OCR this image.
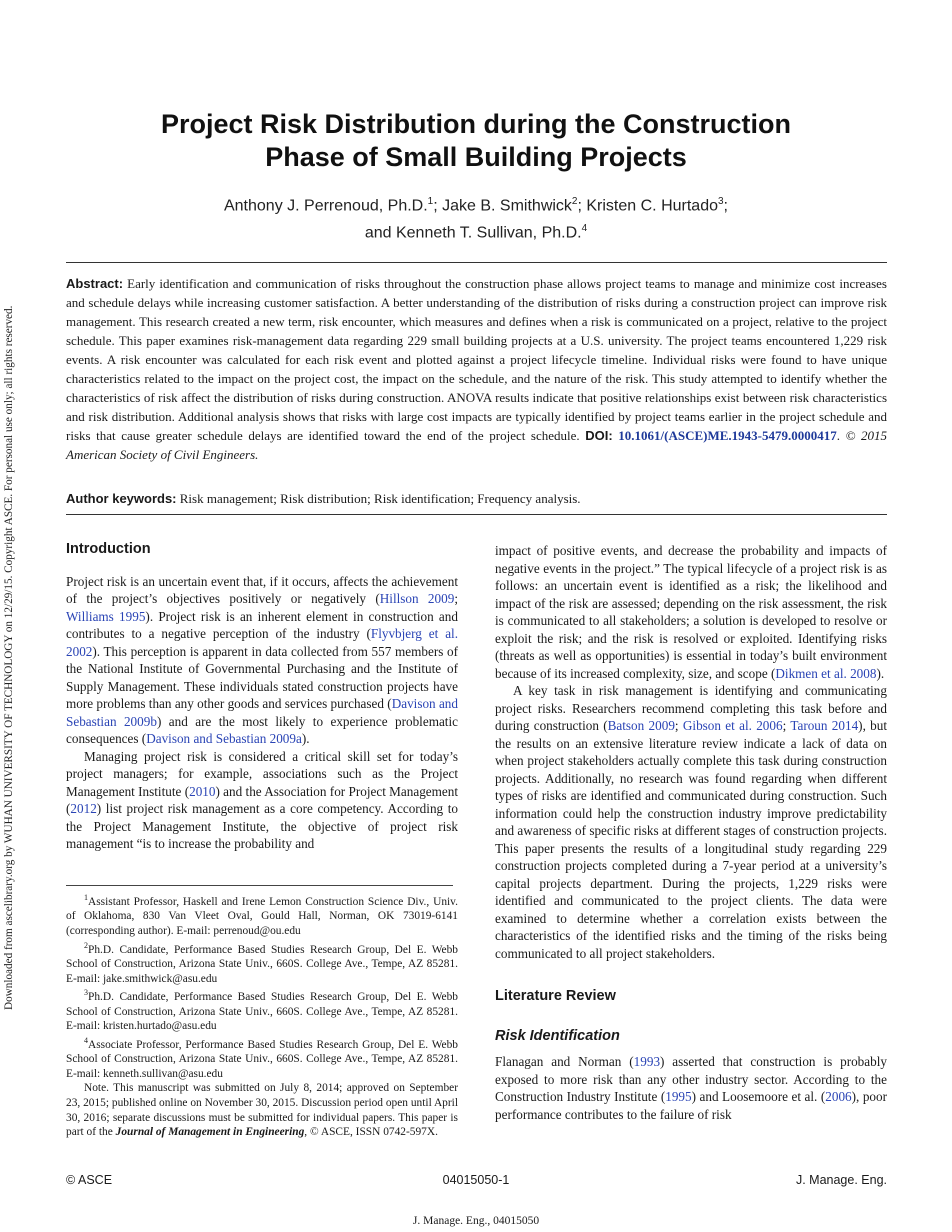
Downloaded from ascelibrary.org by WUHAN UNIVERSITY OF TECHNOLOGY on 12/29/15. Copyright ASCE. For personal use only; all rights reserved.
Project Risk Distribution during the Construction
Phase of Small Building Projects
Anthony J. Perrenoud, Ph.D.$^1$; Jake B. Smithwick$^2$; Kristen C. Hurtado$^3$;
and Kenneth T. Sullivan, Ph.D.$^4$
Abstract: Early identification and communication of risks throughout the construction phase allows project teams to manage and minimize cost increases and schedule delays while increasing customer satisfaction. A better understanding of the distribution of risks during a construction project can improve risk management. This research created a new term, risk encounter, which measures and defines when a risk is communicated on a project, relative to the project schedule. This paper examines risk-management data regarding 229 small building projects at a U.S. university. The project teams encountered 1,229 risk events. A risk encounter was calculated for each risk event and plotted against a project lifecycle timeline. Individual risks were found to have unique characteristics related to the impact on the project cost, the impact on the schedule, and the nature of the risk. This study attempted to identify whether the characteristics of risk affect the distribution of risks during construction. ANOVA results indicate that positive relationships exist between risk characteristics and risk distribution. Additional analysis shows that risks with large cost impacts are typically identified by project teams earlier in the project schedule and risks that cause greater schedule delays are identified toward the end of the project schedule. DOI: 10.1061/(ASCE)ME.1943-5479.0000417. © 2015 American Society of Civil Engineers.
Author keywords: Risk management; Risk distribution; Risk identification; Frequency analysis.
Introduction

Project risk is an uncertain event that, if it occurs, affects the achievement of the project’s objectives positively or negatively (Hillson 2009; Williams 1995). Project risk is an inherent element in construction and contributes to a negative perception of the industry (Flyvbjerg et al. 2002). This perception is apparent in data collected from 557 members of the National Institute of Governmental Purchasing and the Institute of Supply Management. These individuals stated construction projects have more problems than any other goods and services purchased (Davison and Sebastian 2009b) and are the most likely to experience problematic consequences (Davison and Sebastian 2009a).

Managing project risk is considered a critical skill set for today’s project managers; for example, associations such as the Project Management Institute (2010) and the Association for Project Management (2012) list project risk management as a core competency. According to the Project Management Institute, the objective of project risk management “is to increase the probability and

$^1$Assistant Professor, Haskell and Irene Lemon Construction Science Div., Univ. of Oklahoma, 830 Van Vleet Oval, Gould Hall, Norman, OK 73019-6141 (corresponding author). E-mail: perrenoud@ou.edu

$^2$Ph.D. Candidate, Performance Based Studies Research Group, Del E. Webb School of Construction, Arizona State Univ., 660S. College Ave., Tempe, AZ 85281. E-mail: jake.smithwick@asu.edu

$^3$Ph.D. Candidate, Performance Based Studies Research Group, Del E. Webb School of Construction, Arizona State Univ., 660S. College Ave., Tempe, AZ 85281. E-mail: kristen.hurtado@asu.edu

$^4$Associate Professor, Performance Based Studies Research Group, Del E. Webb School of Construction, Arizona State Univ., 660S. College Ave., Tempe, AZ 85281. E-mail: kenneth.sullivan@asu.edu

Note. This manuscript was submitted on July 8, 2014; approved on September 23, 2015; published online on November 30, 2015. Discussion period open until April 30, 2016; separate discussions must be submitted for individual papers. This paper is part of the Journal of Management in Engineering, © ASCE, ISSN 0742-597X.

impact of positive events, and decrease the probability and impacts of negative events in the project.” The typical lifecycle of a project risk is as follows: an uncertain event is identified as a risk; the likelihood and impact of the risk are assessed; depending on the risk assessment, the risk is communicated to all stakeholders; a solution is developed to resolve or exploit the risk; and the risk is resolved or exploited. Identifying risks (threats as well as opportunities) is essential in today’s built environment because of its increased complexity, size, and scope (Dikmen et al. 2008).

A key task in risk management is identifying and communicating project risks. Researchers recommend completing this task before and during construction (Batson 2009; Gibson et al. 2006; Taroun 2014), but the results on an extensive literature review indicate a lack of data on when project stakeholders actually complete this task during construction projects. Additionally, no research was found regarding when different types of risks are identified and communicated during construction. Such information could help the construction industry improve predictability and awareness of specific risks at different stages of construction projects. This paper presents the results of a longitudinal study regarding 229 construction projects completed during a 7-year period at a university’s capital projects department. During the projects, 1,229 risks were identified and communicated to the project clients. The data were examined to determine whether a correlation exists between the characteristics of the identified risks and the timing of the risks being communicated to all project stakeholders.

Literature Review
Risk Identification

Flanagan and Norman (1993) asserted that construction is probably exposed to more risk than any other industry sector. According to the Construction Industry Institute (1995) and Loosemoore et al. (2006), poor performance contributes to the failure of risk

© ASCE	04015050-1	J. Manage. Eng.
J. Manage. Eng., 04015050
